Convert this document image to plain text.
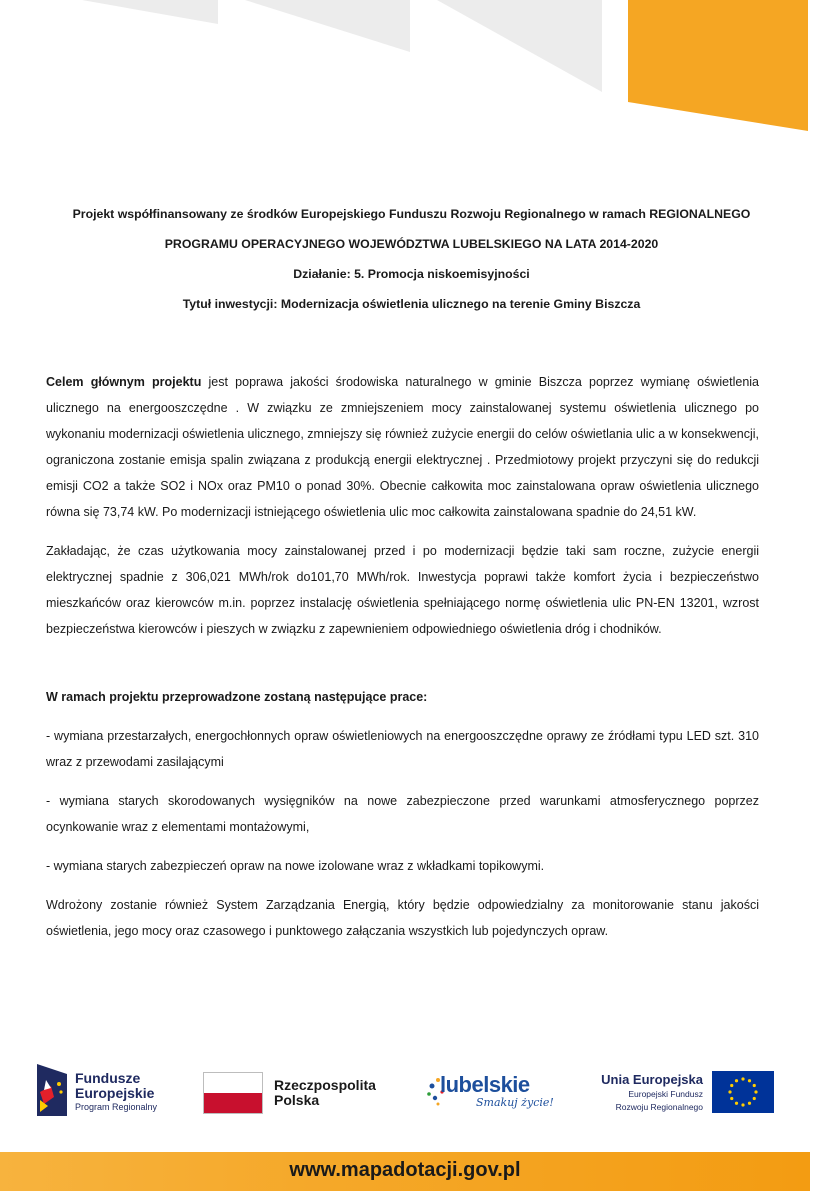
Projekt współfinansowany ze środków Europejskiego Funduszu Rozwoju Regionalnego w ramach REGIONALNEGO

PROGRAMU OPERACYJNEGO WOJEWÓDZTWA LUBELSKIEGO NA LATA 2014-2020

Działanie: 5. Promocja niskoemisyjności

Tytuł inwestycji: Modernizacja oświetlenia ulicznego na terenie Gminy Biszcza

Celem głównym projektu jest poprawa jakości środowiska naturalnego w gminie Biszcza poprzez wymianę oświetlenia ulicznego na energooszczędne . W związku ze zmniejszeniem mocy zainstalowanej systemu oświetlenia ulicznego po wykonaniu modernizacji oświetlenia ulicznego, zmniejszy się również zużycie energii do celów oświetlania ulic a w konsekwencji, ograniczona zostanie emisja spalin związana z produkcją energii elektrycznej . Przedmiotowy projekt przyczyni się do redukcji emisji CO2 a także SO2 i NOx oraz PM10 o ponad 30%. Obecnie całkowita moc zainstalowana opraw oświetlenia ulicznego równa się 73,74 kW. Po modernizacji istniejącego oświetlenia ulic moc całkowita zainstalowana spadnie do 24,51 kW.

Zakładając, że czas użytkowania mocy zainstalowanej przed i po modernizacji będzie taki sam roczne, zużycie energii elektrycznej spadnie z 306,021 MWh/rok do101,70 MWh/rok. Inwestycja poprawi także komfort życia i bezpieczeństwo mieszkańców oraz kierowców m.in. poprzez instalację oświetlenia spełniającego normę oświetlenia ulic PN-EN 13201, wzrost bezpieczeństwa kierowców i pieszych w związku z zapewnieniem odpowiedniego oświetlenia dróg i chodników.

W ramach projektu przeprowadzone zostaną następujące prace:

- wymiana przestarzałych, energochłonnych opraw oświetleniowych na energooszczędne oprawy ze źródłami typu LED szt. 310 wraz z przewodami zasilającymi

- wymiana starych skorodowanych wysięgników na nowe zabezpieczone przed warunkami atmosferycznego poprzez ocynkowanie wraz z elementami montażowymi,

- wymiana starych zabezpieczeń opraw na nowe izolowane wraz z wkładkami topikowymi.

Wdrożony zostanie również System Zarządzania Energią, który będzie odpowiedzialny za monitorowanie stanu jakości oświetlenia, jego mocy oraz czasowego i punktowego załączania wszystkich lub pojedynczych opraw.

Fundusze
Europejskie
Program Regionalny
Rzeczpospolita
Polska
lubelskie
Smakuj życie!
Unia Europejska
Europejski Fundusz
Rozwoju Regionalnego
www.mapadotacji.gov.pl
